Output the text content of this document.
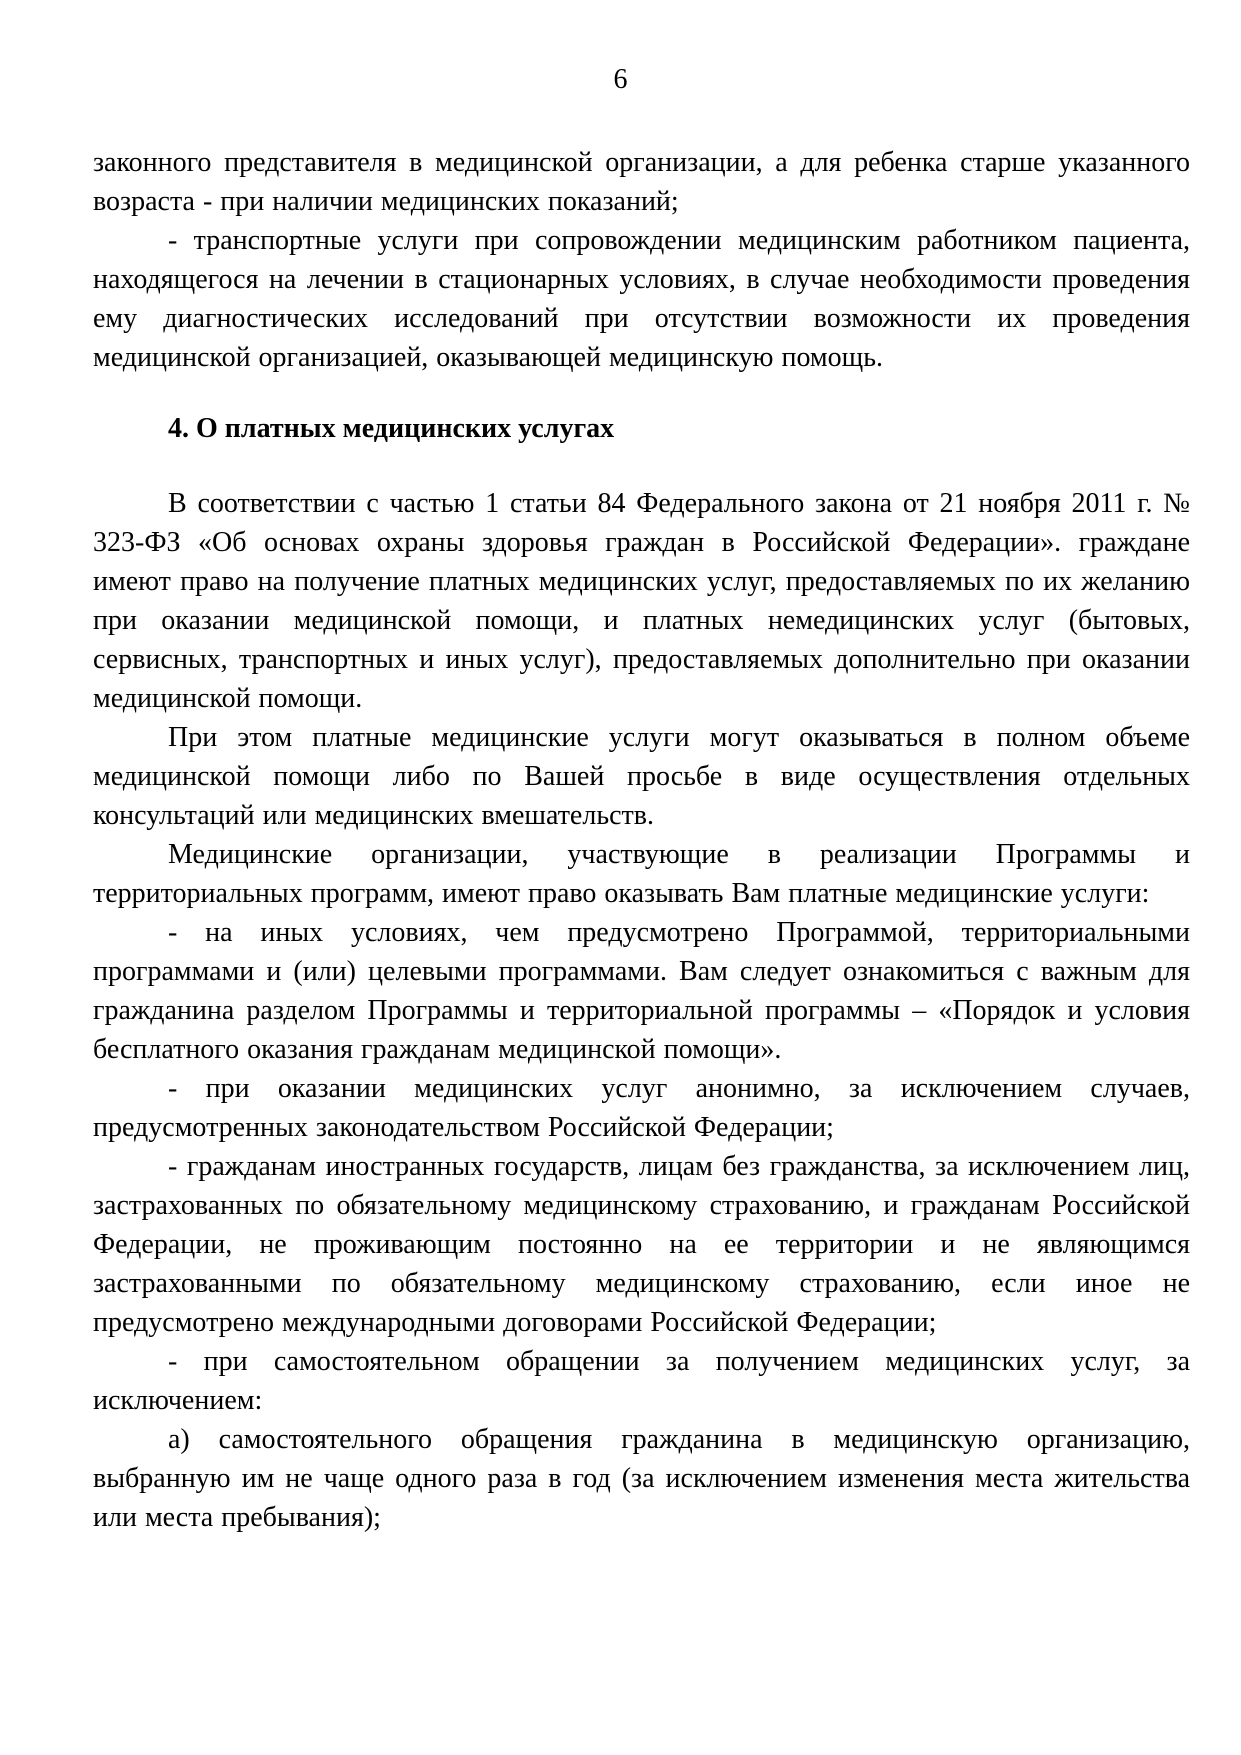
6

законного представителя в медицинской организации, а для ребенка старше указанного возраста - при наличии медицинских показаний;

- транспортные услуги при сопровождении медицинским работником пациента, находящегося на лечении в стационарных условиях, в случае необходимости проведения ему диагностических исследований при отсутствии возможности их проведения медицинской организацией, оказывающей медицинскую помощь.

4. О платных медицинских услугах

В соответствии с частью 1 статьи 84 Федерального закона от 21 ноября 2011 г. № 323-ФЗ «Об основах охраны здоровья граждан в Российской Федерации». граждане имеют право на получение платных медицинских услуг, предоставляемых по их желанию при оказании медицинской помощи, и платных немедицинских услуг (бытовых, сервисных, транспортных и иных услуг), предоставляемых дополнительно при оказании медицинской помощи.

При этом платные медицинские услуги могут оказываться в полном объеме медицинской помощи либо по Вашей просьбе в виде осуществления отдельных консультаций или медицинских вмешательств.

Медицинские организации, участвующие в реализации Программы и территориальных программ, имеют право оказывать Вам платные медицинские услуги:

- на иных условиях, чем предусмотрено Программой, территориальными программами и (или) целевыми программами. Вам следует ознакомиться с важным для гражданина разделом Программы и территориальной программы – «Порядок и условия бесплатного оказания гражданам медицинской помощи».

- при оказании медицинских услуг анонимно, за исключением случаев, предусмотренных законодательством Российской Федерации;

- гражданам иностранных государств, лицам без гражданства, за исключением лиц, застрахованных по обязательному медицинскому страхованию, и гражданам Российской Федерации, не проживающим постоянно на ее территории и не являющимся застрахованными по обязательному медицинскому страхованию, если иное не предусмотрено международными договорами Российской Федерации;

- при самостоятельном обращении за получением медицинских услуг, за исключением:

а) самостоятельного обращения гражданина в медицинскую организацию, выбранную им не чаще одного раза в год (за исключением изменения места жительства или места пребывания);
